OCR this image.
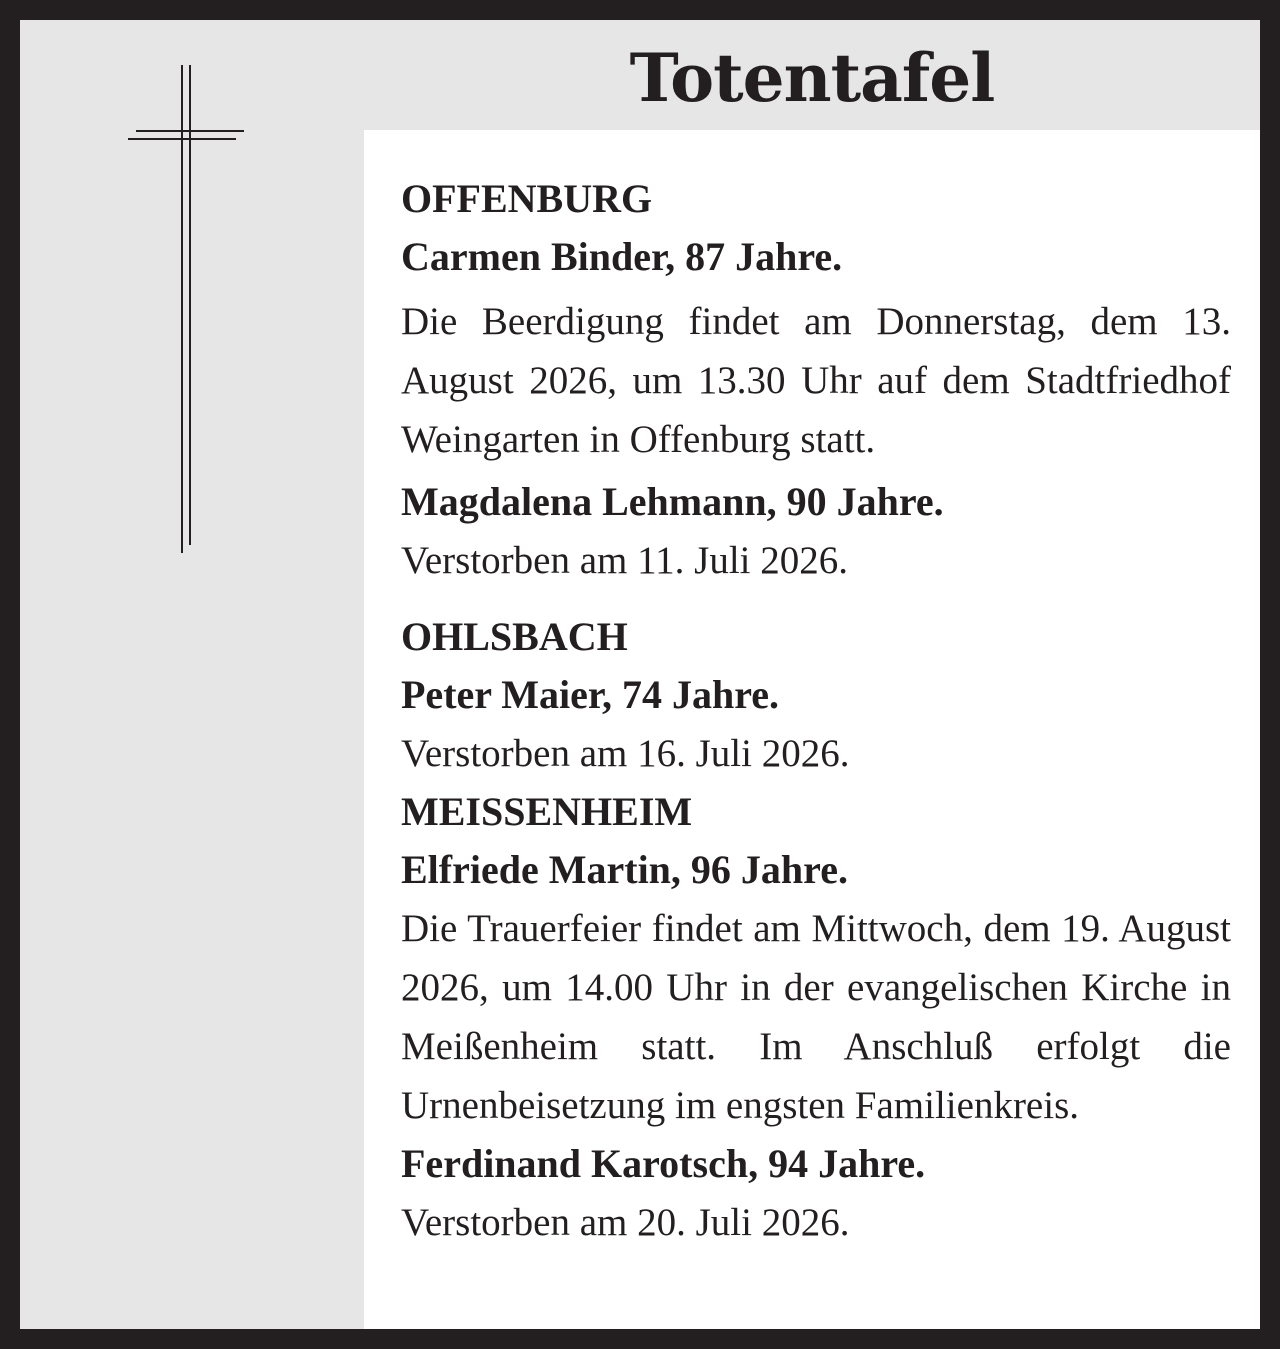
Totentafel
OFFENBURG
Carmen Binder, 87 Jahre.
Die Beerdigung findet am Donnerstag, dem 13. August 2026, um 13.30 Uhr auf dem Stadtfriedhof Weingarten in Offenburg statt.
Magdalena Lehmann, 90 Jahre.
Verstorben am 11. Juli 2026.
OHLSBACH
Peter Maier, 74 Jahre.
Verstorben am 16. Juli 2026.
MEISSENHEIM
Elfriede Martin, 96 Jahre.
Die Trauerfeier findet am Mittwoch, dem 19. August 2026, um 14.00 Uhr in der evangelischen Kirche in Meißenheim statt. Im Anschluß erfolgt die Urnenbeisetzung im engsten Familienkreis.
Ferdinand Karotsch, 94 Jahre.
Verstorben am 20. Juli 2026.
